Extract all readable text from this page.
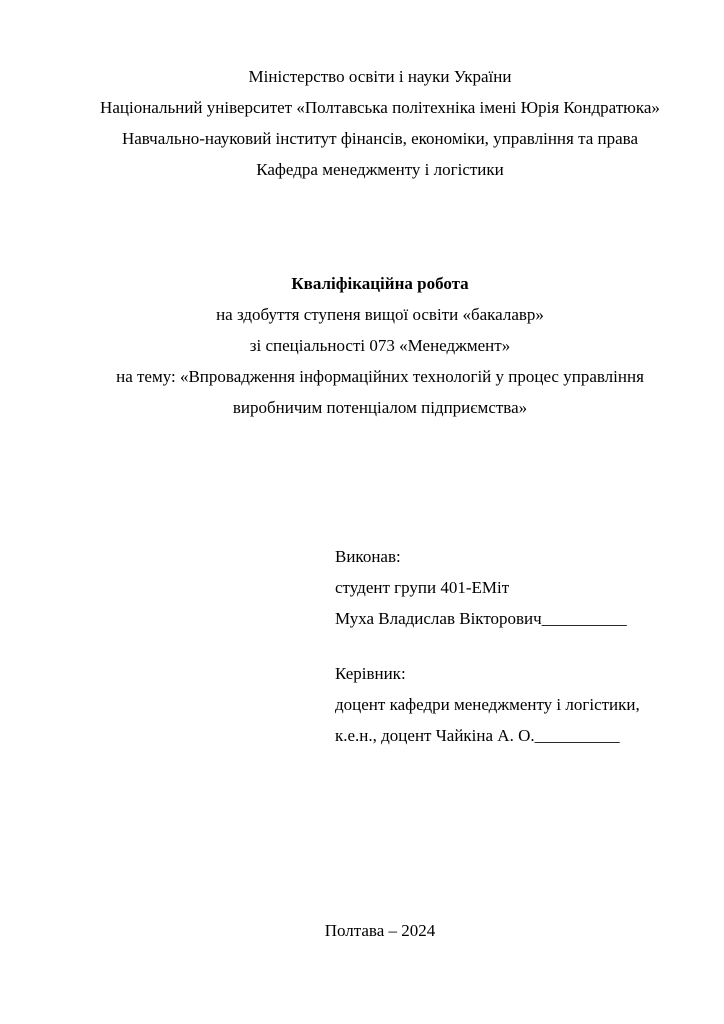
Міністерство освіти і науки України
Національний університет «Полтавська політехніка імені Юрія Кондратюка»
Навчально-науковий інститут фінансів, економіки, управління та права
Кафедра менеджменту і логістики
Кваліфікаційна робота
на здобуття ступеня вищої освіти «бакалавр»
зі спеціальності 073 «Менеджмент»
на тему: «Впровадження інформаційних технологій у процес управління
виробничим потенціалом підприємства»
Виконав:
студент групи 401-ЕМіт
Муха Владислав Вікторович__________
Керівник:
доцент кафедри менеджменту і логістики,
к.е.н., доцент Чайкіна А. О.__________
Полтава – 2024
